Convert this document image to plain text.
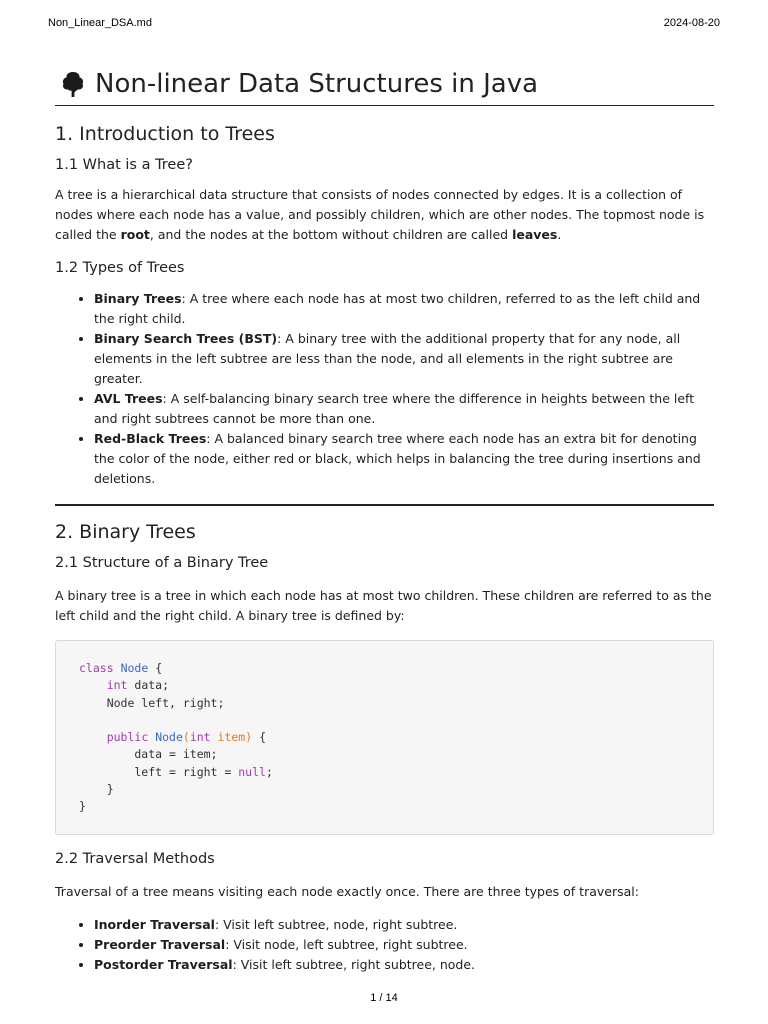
Non_Linear_DSA.md	2024-08-20
Non-linear Data Structures in Java
1. Introduction to Trees
1.1 What is a Tree?

A tree is a hierarchical data structure that consists of nodes connected by edges. It is a collection of nodes where each node has a value, and possibly children, which are other nodes. The topmost node is called the root, and the nodes at the bottom without children are called leaves.

1.2 Types of Trees
• Binary Trees: A tree where each node has at most two children, referred to as the left child and the right child.
• Binary Search Trees (BST): A binary tree with the additional property that for any node, all elements in the left subtree are less than the node, and all elements in the right subtree are greater.
• AVL Trees: A self-balancing binary search tree where the difference in heights between the left and right subtrees cannot be more than one.
• Red-Black Trees: A balanced binary search tree where each node has an extra bit for denoting the color of the node, either red or black, which helps in balancing the tree during insertions and deletions.
2. Binary Trees
2.1 Structure of a Binary Tree

A binary tree is a tree in which each node has at most two children. These children are referred to as the left child and the right child. A binary tree is defined by:

class Node {
int data;
Node left, right;

public Node(int item) {
data = item;
left = right = null;
}
}
2.2 Traversal Methods

Traversal of a tree means visiting each node exactly once. There are three types of traversal:

• Inorder Traversal: Visit left subtree, node, right subtree.
• Preorder Traversal: Visit node, left subtree, right subtree.
• Postorder Traversal: Visit left subtree, right subtree, node.
1 / 14
